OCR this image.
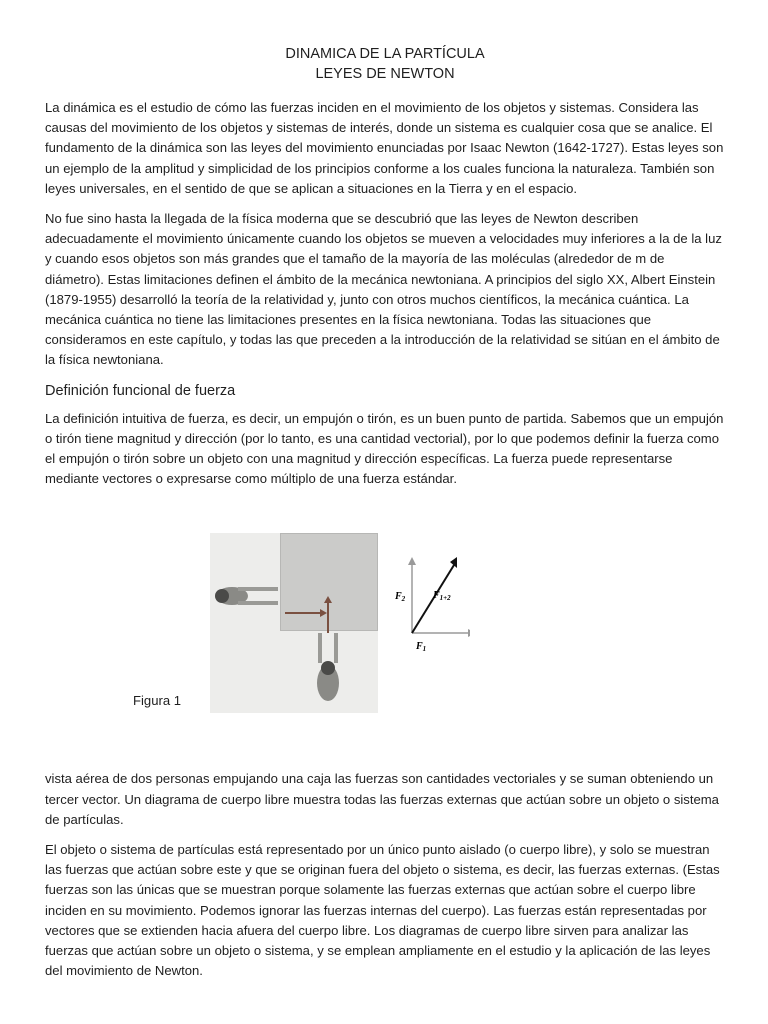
DINAMICA DE LA PARTÍCULA
LEYES DE NEWTON

La dinámica es el estudio de cómo las fuerzas inciden en el movimiento de los objetos y sistemas. Considera las causas del movimiento de los objetos y sistemas de interés, donde un sistema es cualquier cosa que se analice. El fundamento de la dinámica son las leyes del movimiento enunciadas por Isaac Newton (1642-1727). Estas leyes son un ejemplo de la amplitud y simplicidad de los principios conforme a los cuales funciona la naturaleza. También son leyes universales, en el sentido de que se aplican a situaciones en la Tierra y en el espacio.

No fue sino hasta la llegada de la física moderna que se descubrió que las leyes de Newton describen adecuadamente el movimiento únicamente cuando los objetos se mueven a velocidades muy inferiores a la de la luz y cuando esos objetos son más grandes que el tamaño de la mayoría de las moléculas (alrededor de m de diámetro). Estas limitaciones definen el ámbito de la mecánica newtoniana. A principios del siglo XX, Albert Einstein (1879-1955) desarrolló la teoría de la relatividad y, junto con otros muchos científicos, la mecánica cuántica. La mecánica cuántica no tiene las limitaciones presentes en la física newtoniana. Todas las situaciones que consideramos en este capítulo, y todas las que preceden a la introducción de la relatividad se sitúan en el ámbito de la física newtoniana.

Definición funcional de fuerza

La definición intuitiva de fuerza, es decir, un empujón o tirón, es un buen punto de partida. Sabemos que un empujón o tirón tiene magnitud y dirección (por lo tanto, es una cantidad vectorial), por lo que podemos definir la fuerza como el empujón o tirón sobre un objeto con una magnitud y dirección específicas. La fuerza puede representarse mediante vectores o expresarse como múltiplo de una fuerza estándar.

$F_2$	$F_{1+2}$
$F_1$
Figura 1

vista aérea de dos personas empujando una caja las fuerzas son cantidades vectoriales y se suman obteniendo un tercer vector. Un diagrama de cuerpo libre muestra todas las fuerzas externas que actúan sobre un objeto o sistema de partículas.

El objeto o sistema de partículas está representado por un único punto aislado (o cuerpo libre), y solo se muestran las fuerzas que actúan sobre este y que se originan fuera del objeto o sistema, es decir, las fuerzas externas. (Estas fuerzas son las únicas que se muestran porque solamente las fuerzas externas que actúan sobre el cuerpo libre inciden en su movimiento. Podemos ignorar las fuerzas internas del cuerpo). Las fuerzas están representadas por vectores que se extienden hacia afuera del cuerpo libre. Los diagramas de cuerpo libre sirven para analizar las fuerzas que actúan sobre un objeto o sistema, y se emplean ampliamente en el estudio y la aplicación de las leyes del movimiento de Newton.
